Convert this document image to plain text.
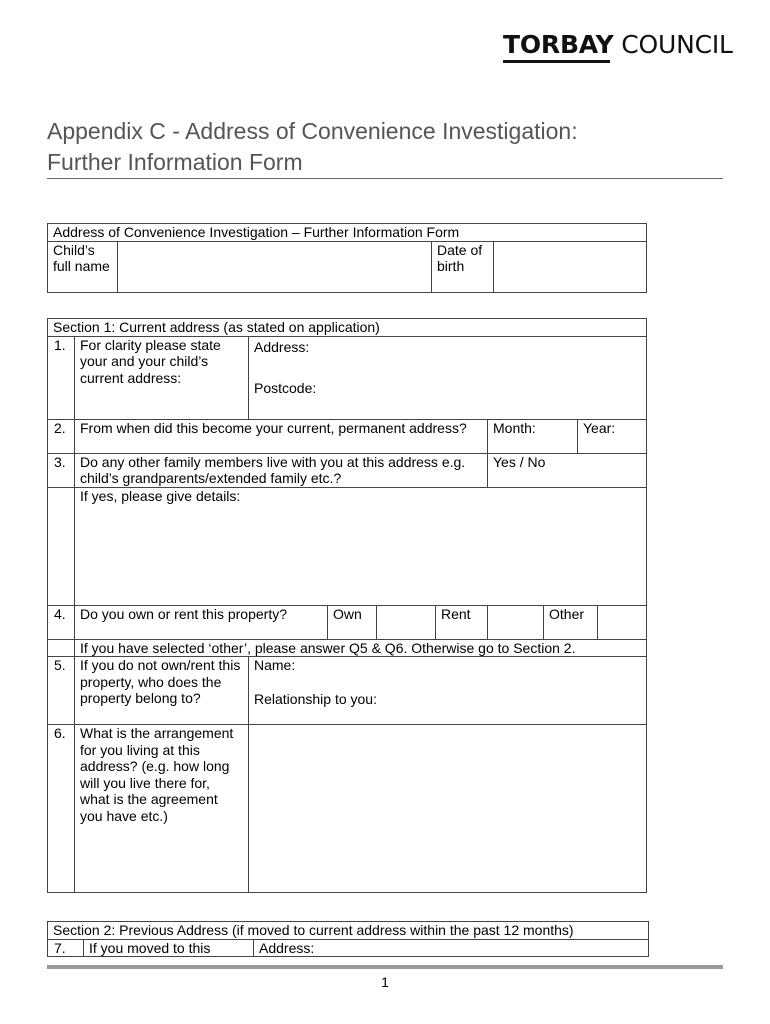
TORBAY COUNCIL
Appendix C - Address of Convenience Investigation:
Further Information Form
Address of Convenience Investigation – Further Information Form
Child’s full name		Date of birth	
Section 1: Current address (as stated on application)									
1.	For clarity please state your and your child’s current address:	Address:
Postcode:							

2.	From when did this become your current, permanent address?					Month:		Year:	
3.	Do any other family members live with you at this address e.g. child’s grandparents/extended family etc.?					Yes / No			
	If yes, please give details:								
4.	Do you own or rent this property?		Own		Rent		Other		
	If you have selected ‘other’, please answer Q5 & Q6. Otherwise go to Section 2.								
5.	If you do not own/rent this property, who does the property belong to?	Name:
Relationship to you:							

6.	What is the arrangement for you living at this address? (e.g. how long will you live there for, what is the agreement you have etc.)								
Section 2: Previous Address (if moved to current address within the past 12 months)
7.	If you moved to this	Address:
1
